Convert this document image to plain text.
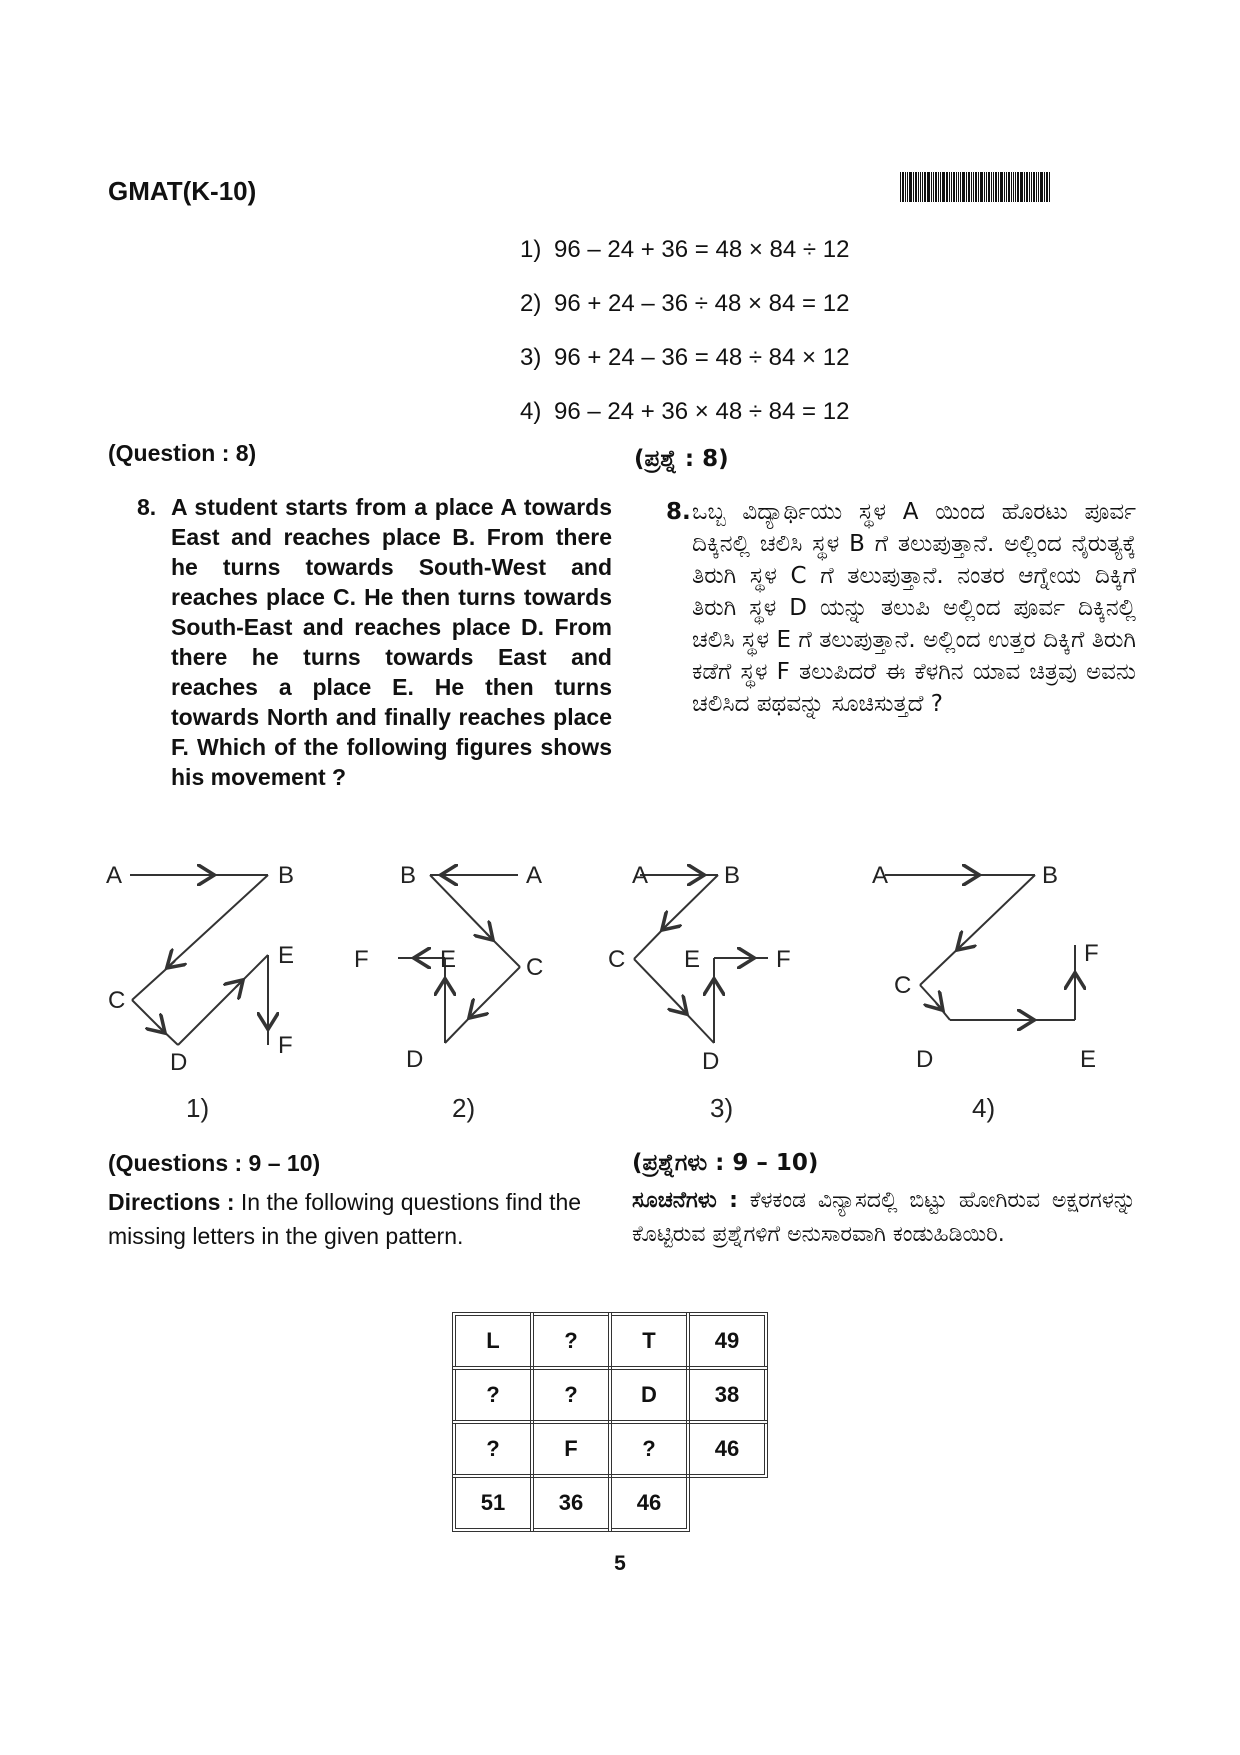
GMAT(K-10)
1) 96 – 24 + 36 = 48 × 84 ÷ 12
2) 96 + 24 – 36 ÷ 48 × 84 = 12
3) 96 + 24 – 36 = 48 ÷ 84 × 12
4) 96 – 24 + 36 × 48 ÷ 84 = 12
(Question : 8)	(ಪ್ರಶ್ನೆ : 8)
8. A student starts from a place A towards East and reaches place B. From there he turns towards South-West and reaches place C. He then turns towards South-East and reaches place D. From there he turns towards East and reaches a place E. He then turns towards North and finally reaches place F. Which of the following figures shows his movement ?
8. ಒಬ್ಬ ವಿದ್ಯಾರ್ಥಿಯು ಸ್ಥಳ A ಯಿಂದ ಹೊರಟು ಪೂರ್ವ ದಿಕ್ಕಿನಲ್ಲಿ ಚಲಿಸಿ ಸ್ಥಳ B ಗೆ ತಲುಪುತ್ತಾನೆ. ಅಲ್ಲಿಂದ ನೈರುತ್ಯಕ್ಕೆ ತಿರುಗಿ ಸ್ಥಳ C ಗೆ ತಲುಪುತ್ತಾನೆ. ನಂತರ ಆಗ್ನೇಯ ದಿಕ್ಕಿಗೆ ತಿರುಗಿ ಸ್ಥಳ D ಯನ್ನು ತಲುಪಿ ಅಲ್ಲಿಂದ ಪೂರ್ವ ದಿಕ್ಕಿನಲ್ಲಿ ಚಲಿಸಿ ಸ್ಥಳ E ಗೆ ತಲುಪುತ್ತಾನೆ. ಅಲ್ಲಿಂದ ಉತ್ತರ ದಿಕ್ಕಿಗೆ ತಿರುಗಿ ಕಡೆಗೆ ಸ್ಥಳ F ತಲುಪಿದರೆ ಈ ಕೆಳಗಿನ ಯಾವ ಚಿತ್ರವು ಅವನು ಚಲಿಸಿದ ಪಥವನ್ನು ಸೂಚಿಸುತ್ತದೆ ?
A	B
C
D
E
F
B	A
C
D
E
F
A	B
C
D
E	F
A	B
C
D	E
F
1)	2)	3)	4)
(Questions : 9 – 10)
Directions : In the following questions find the missing letters in the given pattern.
(ಪ್ರಶ್ನೆಗಳು : 9 – 10)
ಸೂಚನೆಗಳು : ಕೆಳಕಂಡ ವಿನ್ಯಾಸದಲ್ಲಿ ಬಿಟ್ಟು ಹೋಗಿರುವ ಅಕ್ಷರಗಳನ್ನು ಕೊಟ್ಟಿರುವ ಪ್ರಶ್ನೆಗಳಿಗೆ ಅನುಸಾರವಾಗಿ ಕಂಡುಹಿಡಿಯಿರಿ.
L	?	T	49
?	?	D	38
?	F	?	46
51	36	46
5
